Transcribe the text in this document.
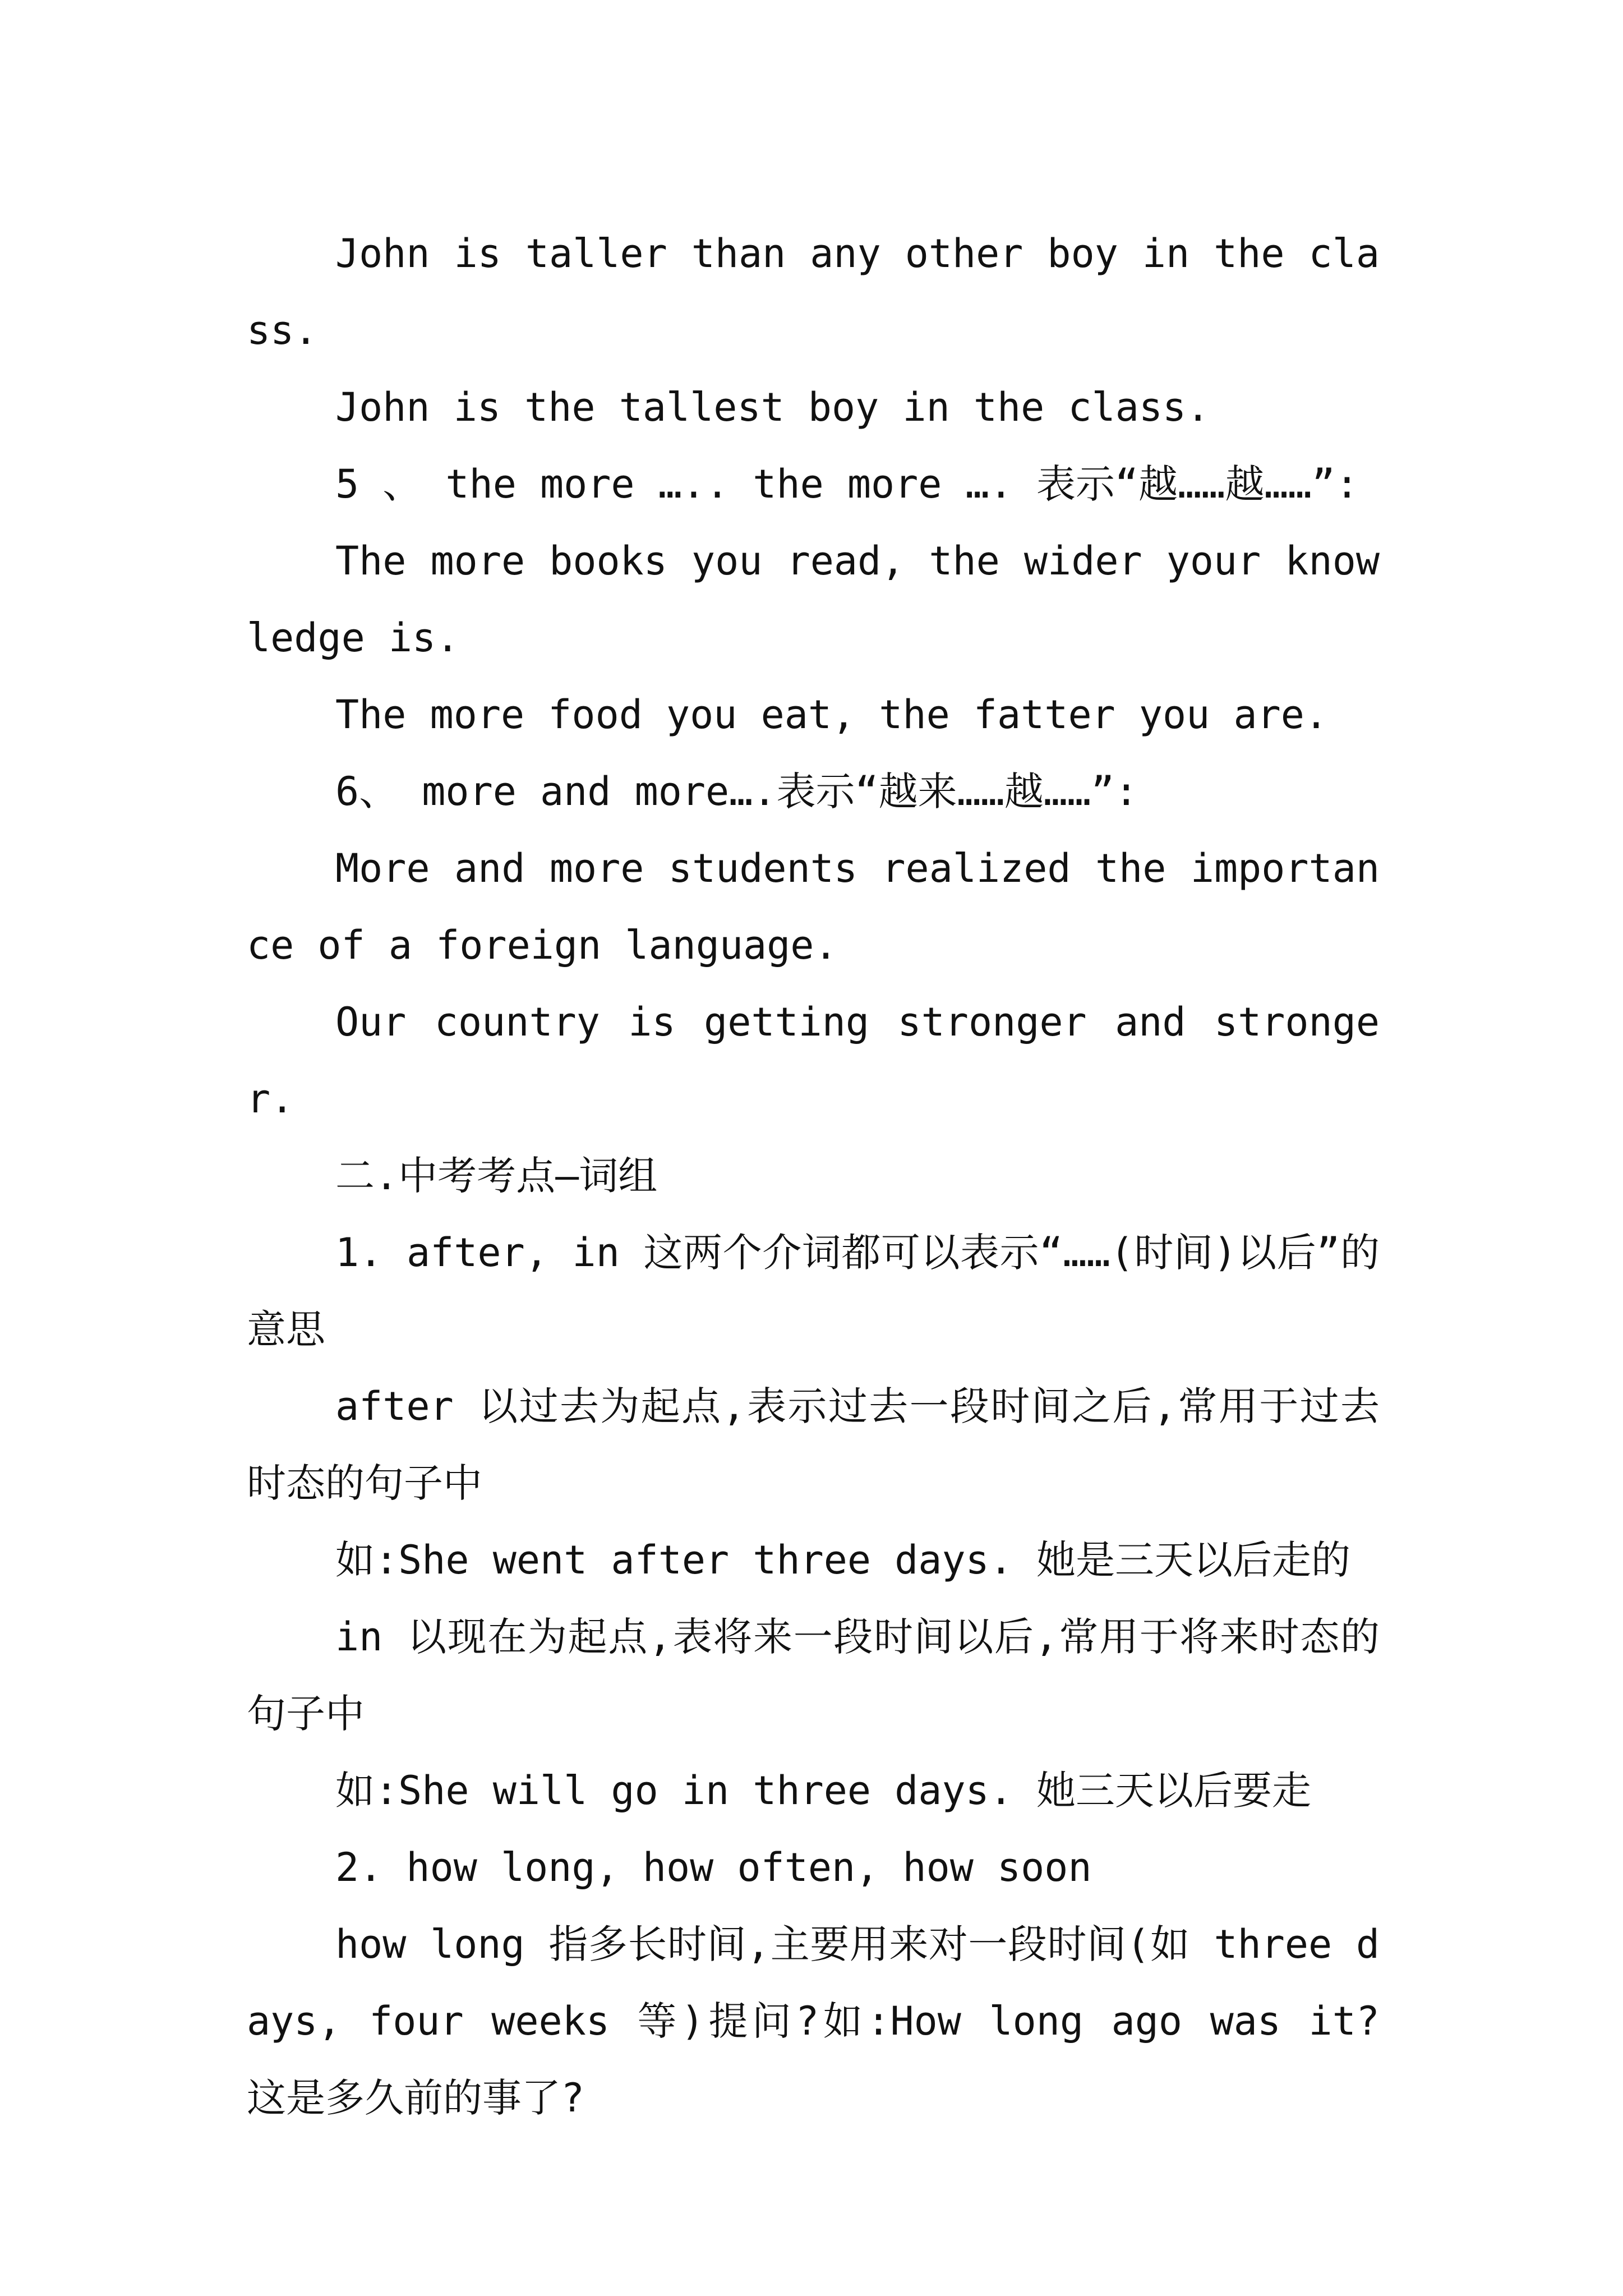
John is taller than any other boy in the class.

John is the tallest boy in the class.

5 、 the more ….. the more …. 表示“越……越……”:

The more books you read, the wider your knowledge is.

The more food you eat, the fatter you are.

6、 more and more….表示“越来……越……”:

More and more students realized the importance of a foreign language.

Our country is getting stronger and stronger.

二.中考考点—词组

1. after, in 这两个介词都可以表示“……(时间)以后”的意思

after 以过去为起点,表示过去一段时间之后,常用于过去时态的句子中

如:She went after three days. 她是三天以后走的

in 以现在为起点,表将来一段时间以后,常用于将来时态的句子中

如:She will go in three days. 她三天以后要走

2. how long, how often, how soon

how long 指多长时间,主要用来对一段时间(如 three days, four weeks 等)提问?如:How long ago was it? 这是多久前的事了?
